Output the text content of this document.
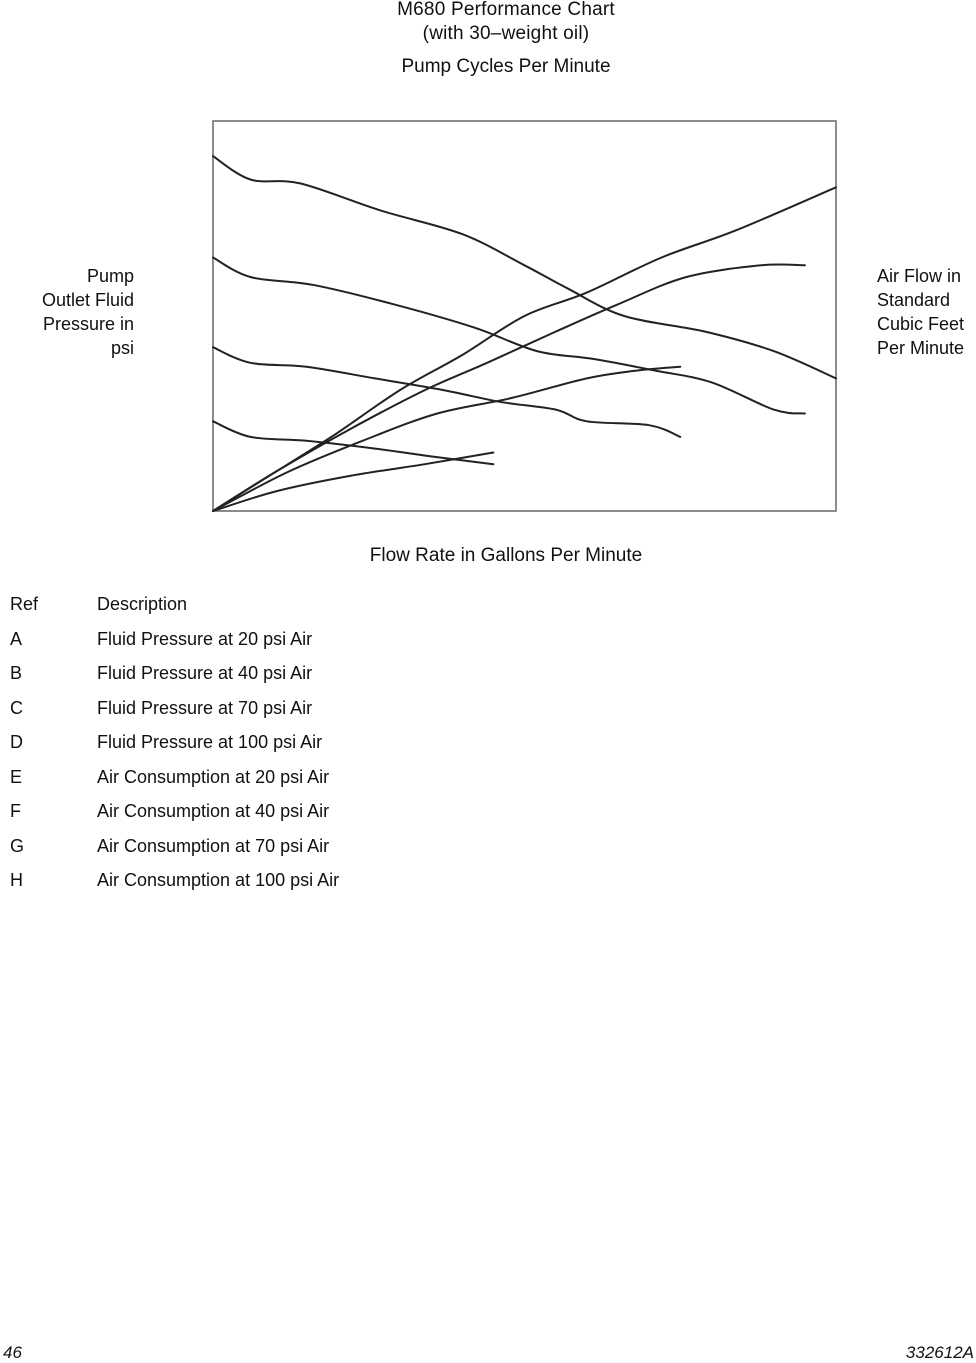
M680 Performance Chart
(with 30–weight oil)
Pump Cycles Per Minute
Pump
Outlet Fluid
Pressure in
psi
Air Flow in
Standard
Cubic Feet
Per Minute
Flow Rate in Gallons Per Minute
Ref	Description
A	Fluid Pressure at 20 psi Air
B	Fluid Pressure at 40 psi Air
C	Fluid Pressure at 70 psi Air
D	Fluid Pressure at 100 psi Air
E	Air Consumption at 20 psi Air
F	Air Consumption at 40 psi Air
G	Air Consumption at 70 psi Air
H	Air Consumption at 100 psi Air
46	332612A
